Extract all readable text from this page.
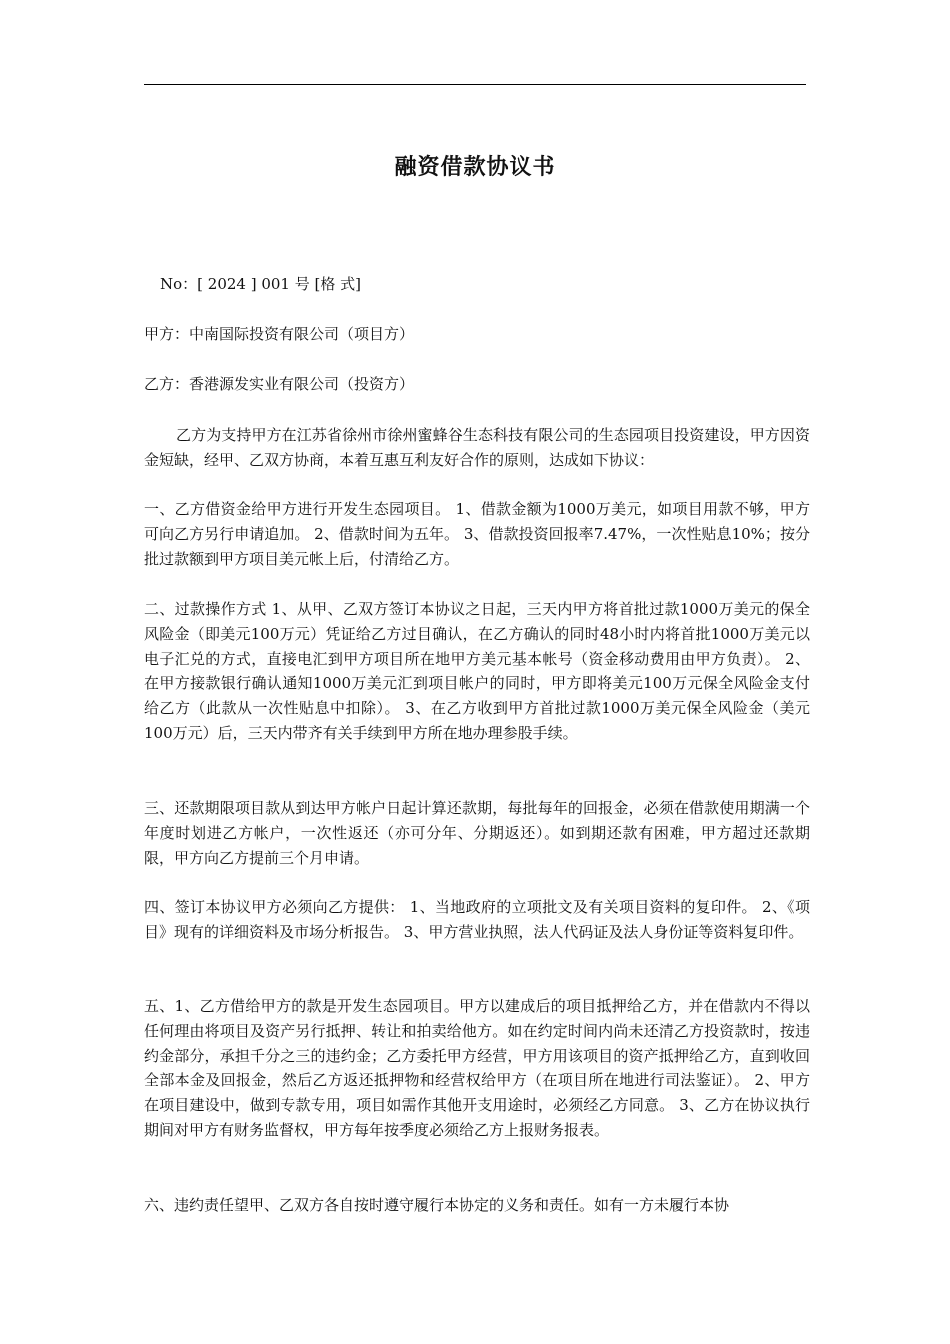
融资借款协议书
No：[ 2024 ] 001 号 [格 式]
甲方：中南国际投资有限公司（项目方）
乙方：香港源发实业有限公司（投资方）
乙方为支持甲方在江苏省徐州市徐州蜜蜂谷生态科技有限公司的生态园项目投资建设，甲方因资金短缺，经甲、乙双方协商，本着互惠互利友好合作的原则，达成如下协议：
一、乙方借资金给甲方进行开发生态园项目。 1、借款金额为1000万美元，如项目用款不够，甲方可向乙方另行申请追加。 2、借款时间为五年。 3、借款投资回报率7.47%，一次性贴息10%；按分批过款额到甲方项目美元帐上后，付清给乙方。
二、过款操作方式 1、从甲、乙双方签订本协议之日起，三天内甲方将首批过款1000万美元的保全风险金（即美元100万元）凭证给乙方过目确认，在乙方确认的同时48小时内将首批1000万美元以电子汇兑的方式，直接电汇到甲方项目所在地甲方美元基本帐号（资金移动费用由甲方负责）。 2、在甲方接款银行确认通知1000万美元汇到项目帐户的同时，甲方即将美元100万元保全风险金支付给乙方（此款从一次性贴息中扣除）。 3、在乙方收到甲方首批过款1000万美元保全风险金（美元100万元）后，三天内带齐有关手续到甲方所在地办理参股手续。
三、还款期限项目款从到达甲方帐户日起计算还款期，每批每年的回报金，必须在借款使用期满一个年度时划进乙方帐户，一次性返还（亦可分年、分期返还）。如到期还款有困难，甲方超过还款期限，甲方向乙方提前三个月申请。
四、签订本协议甲方必须向乙方提供： 1、当地政府的立项批文及有关项目资料的复印件。 2、《项目》现有的详细资料及市场分析报告。 3、甲方营业执照，法人代码证及法人身份证等资料复印件。
五、1、乙方借给甲方的款是开发生态园项目。甲方以建成后的项目抵押给乙方，并在借款内不得以任何理由将项目及资产另行抵押、转让和拍卖给他方。如在约定时间内尚未还清乙方投资款时，按违约金部分，承担千分之三的违约金；乙方委托甲方经营，甲方用该项目的资产抵押给乙方，直到收回全部本金及回报金，然后乙方返还抵押物和经营权给甲方（在项目所在地进行司法鉴证）。 2、甲方在项目建设中，做到专款专用，项目如需作其他开支用途时，必须经乙方同意。 3、乙方在协议执行期间对甲方有财务监督权，甲方每年按季度必须给乙方上报财务报表。
六、违约责任望甲、乙双方各自按时遵守履行本协定的义务和责任。如有一方未履行本协
